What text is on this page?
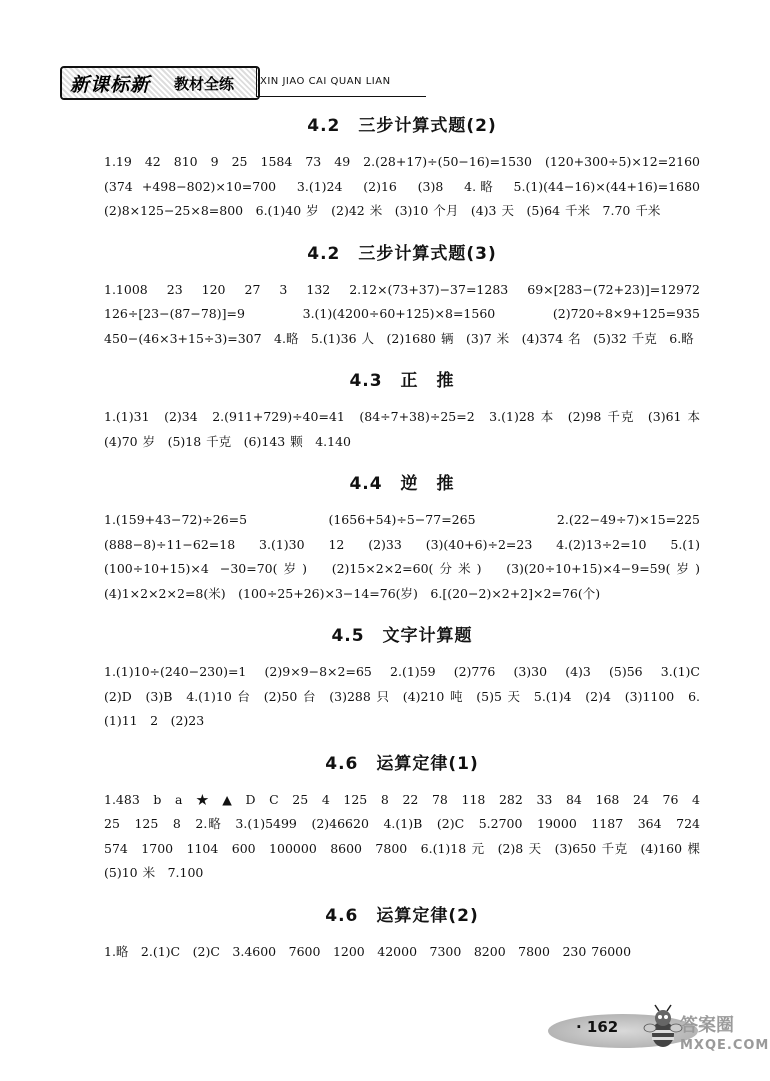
新课标新 教材全练	XIN JIAO CAI QUAN LIAN
4.2　三步计算式题(2)

1.19　42　810　9　25　1584　73　49　2.(28+17)÷(50−16)=1530　(120+300÷5)×12=2160　(374 +498−802)×10=700　3.(1)24　(2)16　(3)8　4.略　5.(1)(44−16)×(44+16)=1680　(2)8×125−25×8=800　6.(1)40 岁　(2)42 米　(3)10 个月　(4)3 天　(5)64 千米　7.70 千米

4.2　三步计算式题(3)

1.1008　23　120　27　3　132　2.12×(73+37)−37=1283　69×[283−(72+23)]=12972　126÷[23−(87−78)]=9　3.(1)(4200÷60+125)×8=1560　(2)720÷8×9+125=935　450−(46×3+15÷3)=307　4.略　5.(1)36 人　(2)1680 辆　(3)7 米　(4)374 名　(5)32 千克　6.略

4.3　正　推

1.(1)31　(2)34　2.(911+729)÷40=41　(84÷7+38)÷25=2　3.(1)28 本　(2)98 千克　(3)61 本　(4)70 岁　(5)18 千克　(6)143 颗　4.140

4.4　逆　推

1.(159+43−72)÷26=5　(1656+54)÷5−77=265　2.(22−49÷7)×15=225　(888−8)÷11−62=18　3.(1)30　12　(2)33　(3)(40+6)÷2=23　4.(2)13÷2=10　5.(1)(100÷10+15)×4 −30=70(岁)　(2)15×2×2=60(分米)　(3)(20÷10+15)×4−9=59(岁)　(4)1×2×2×2=8(米)　(100÷25+26)×3−14=76(岁)　6.[(20−2)×2+2]×2=76(个)

4.5　文字计算题

1.(1)10÷(240−230)=1　(2)9×9−8×2=65　2.(1)59　(2)776　(3)30　(4)3　(5)56　3.(1)C　(2)D　(3)B　4.(1)10 台　(2)50 台　(3)288 只　(4)210 吨　(5)5 天　5.(1)4　(2)4　(3)1100　6.(1)11　2　(2)23

4.6　运算定律(1)

1.483　b　a　★　▲　D　C　25　4　125　8　22　78　118　282　33　84　168　24　76　4　25　125　8　2.略　3.(1)5499　(2)46620　4.(1)B　(2)C　5.2700　19000　1187　364　724　574　1700　1104　600　100000　8600　7800　6.(1)18 元　(2)8 天　(3)650 千克　(4)160 棵　(5)10 米　7.100

4.6　运算定律(2)

1.略　2.(1)C　(2)C　3.4600　7600　1200　42000　7300　8200　7800　230 76000

· 162	答案圈
MXQE.COM
